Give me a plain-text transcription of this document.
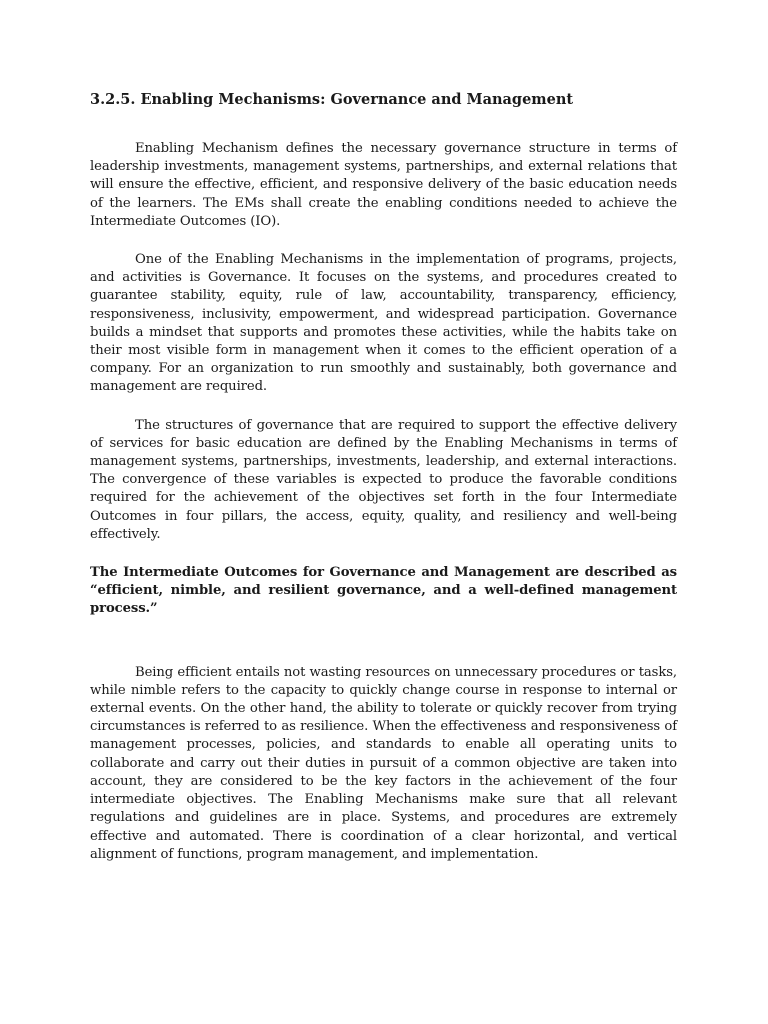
3.2.5. Enabling Mechanisms: Governance and Management

Enabling Mechanism defines the necessary governance structure in terms of leadership investments, management systems, partnerships, and external relations that will ensure the effective, efficient, and responsive delivery of the basic education needs of the learners. The EMs shall create the enabling conditions needed to achieve the Intermediate Outcomes (IO).

One of the Enabling Mechanisms in the implementation of programs, projects, and activities is Governance. It focuses on the systems, and procedures created to guarantee stability, equity, rule of law, accountability, transparency, efficiency, responsiveness, inclusivity, empowerment, and widespread participation. Governance builds a mindset that supports and promotes these activities, while the habits take on their most visible form in management when it comes to the efficient operation of a company. For an organization to run smoothly and sustainably, both governance and management are required.

The structures of governance that are required to support the effective delivery of services for basic education are defined by the Enabling Mechanisms in terms of management systems, partnerships, investments, leadership, and external interactions. The convergence of these variables is expected to produce the favorable conditions required for the achievement of the objectives set forth in the four Intermediate Outcomes in four pillars, the access, equity, quality, and resiliency and well-being effectively.

The Intermediate Outcomes for Governance and Management are described as “efficient, nimble, and resilient governance, and a well-defined management process.”

Being efficient entails not wasting resources on unnecessary procedures or tasks, while nimble refers to the capacity to quickly change course in response to internal or external events. On the other hand, the ability to tolerate or quickly recover from trying circumstances is referred to as resilience. When the effectiveness and responsiveness of management processes, policies, and standards to enable all operating units to collaborate and carry out their duties in pursuit of a common objective are taken into account, they are considered to be the key factors in the achievement of the four intermediate objectives. The Enabling Mechanisms make sure that all relevant regulations and guidelines are in place. Systems, and procedures are extremely effective and automated. There is coordination of a clear horizontal, and vertical alignment of functions, program management, and implementation.
